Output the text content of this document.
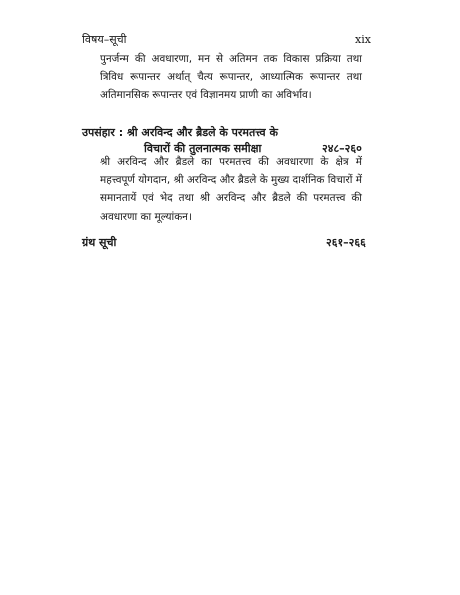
विषय–सूची	xix
पुनर्जन्म की अवधारणा, मन से अतिमन तक विकास प्रक्रिया तथा त्रिविध रूपान्तर अर्थात् चैत्य रूपान्तर, आध्यात्मिक रूपान्तर तथा अतिमानसिक रूपान्तर एवं विज्ञानमय प्राणी का अविर्भाव।
उपसंहार : श्री अरविन्द और ब्रैडले के परमतत्त्व के
विचारों की तुलनात्मक समीक्षा	२४८–२६०
श्री अरविन्द और ब्रैडले का परमतत्त्व की अवधारणा के क्षेत्र में महत्त्वपूर्ण योगदान, श्री अरविन्द और ब्रैडले के मुख्य दार्शनिक विचारों में समानतायें एवं भेद तथा श्री अरविन्द और ब्रैडले की परमतत्त्व की अवधारणा का मूल्यांकन।
ग्रंथ सूची	२६१–२६६
